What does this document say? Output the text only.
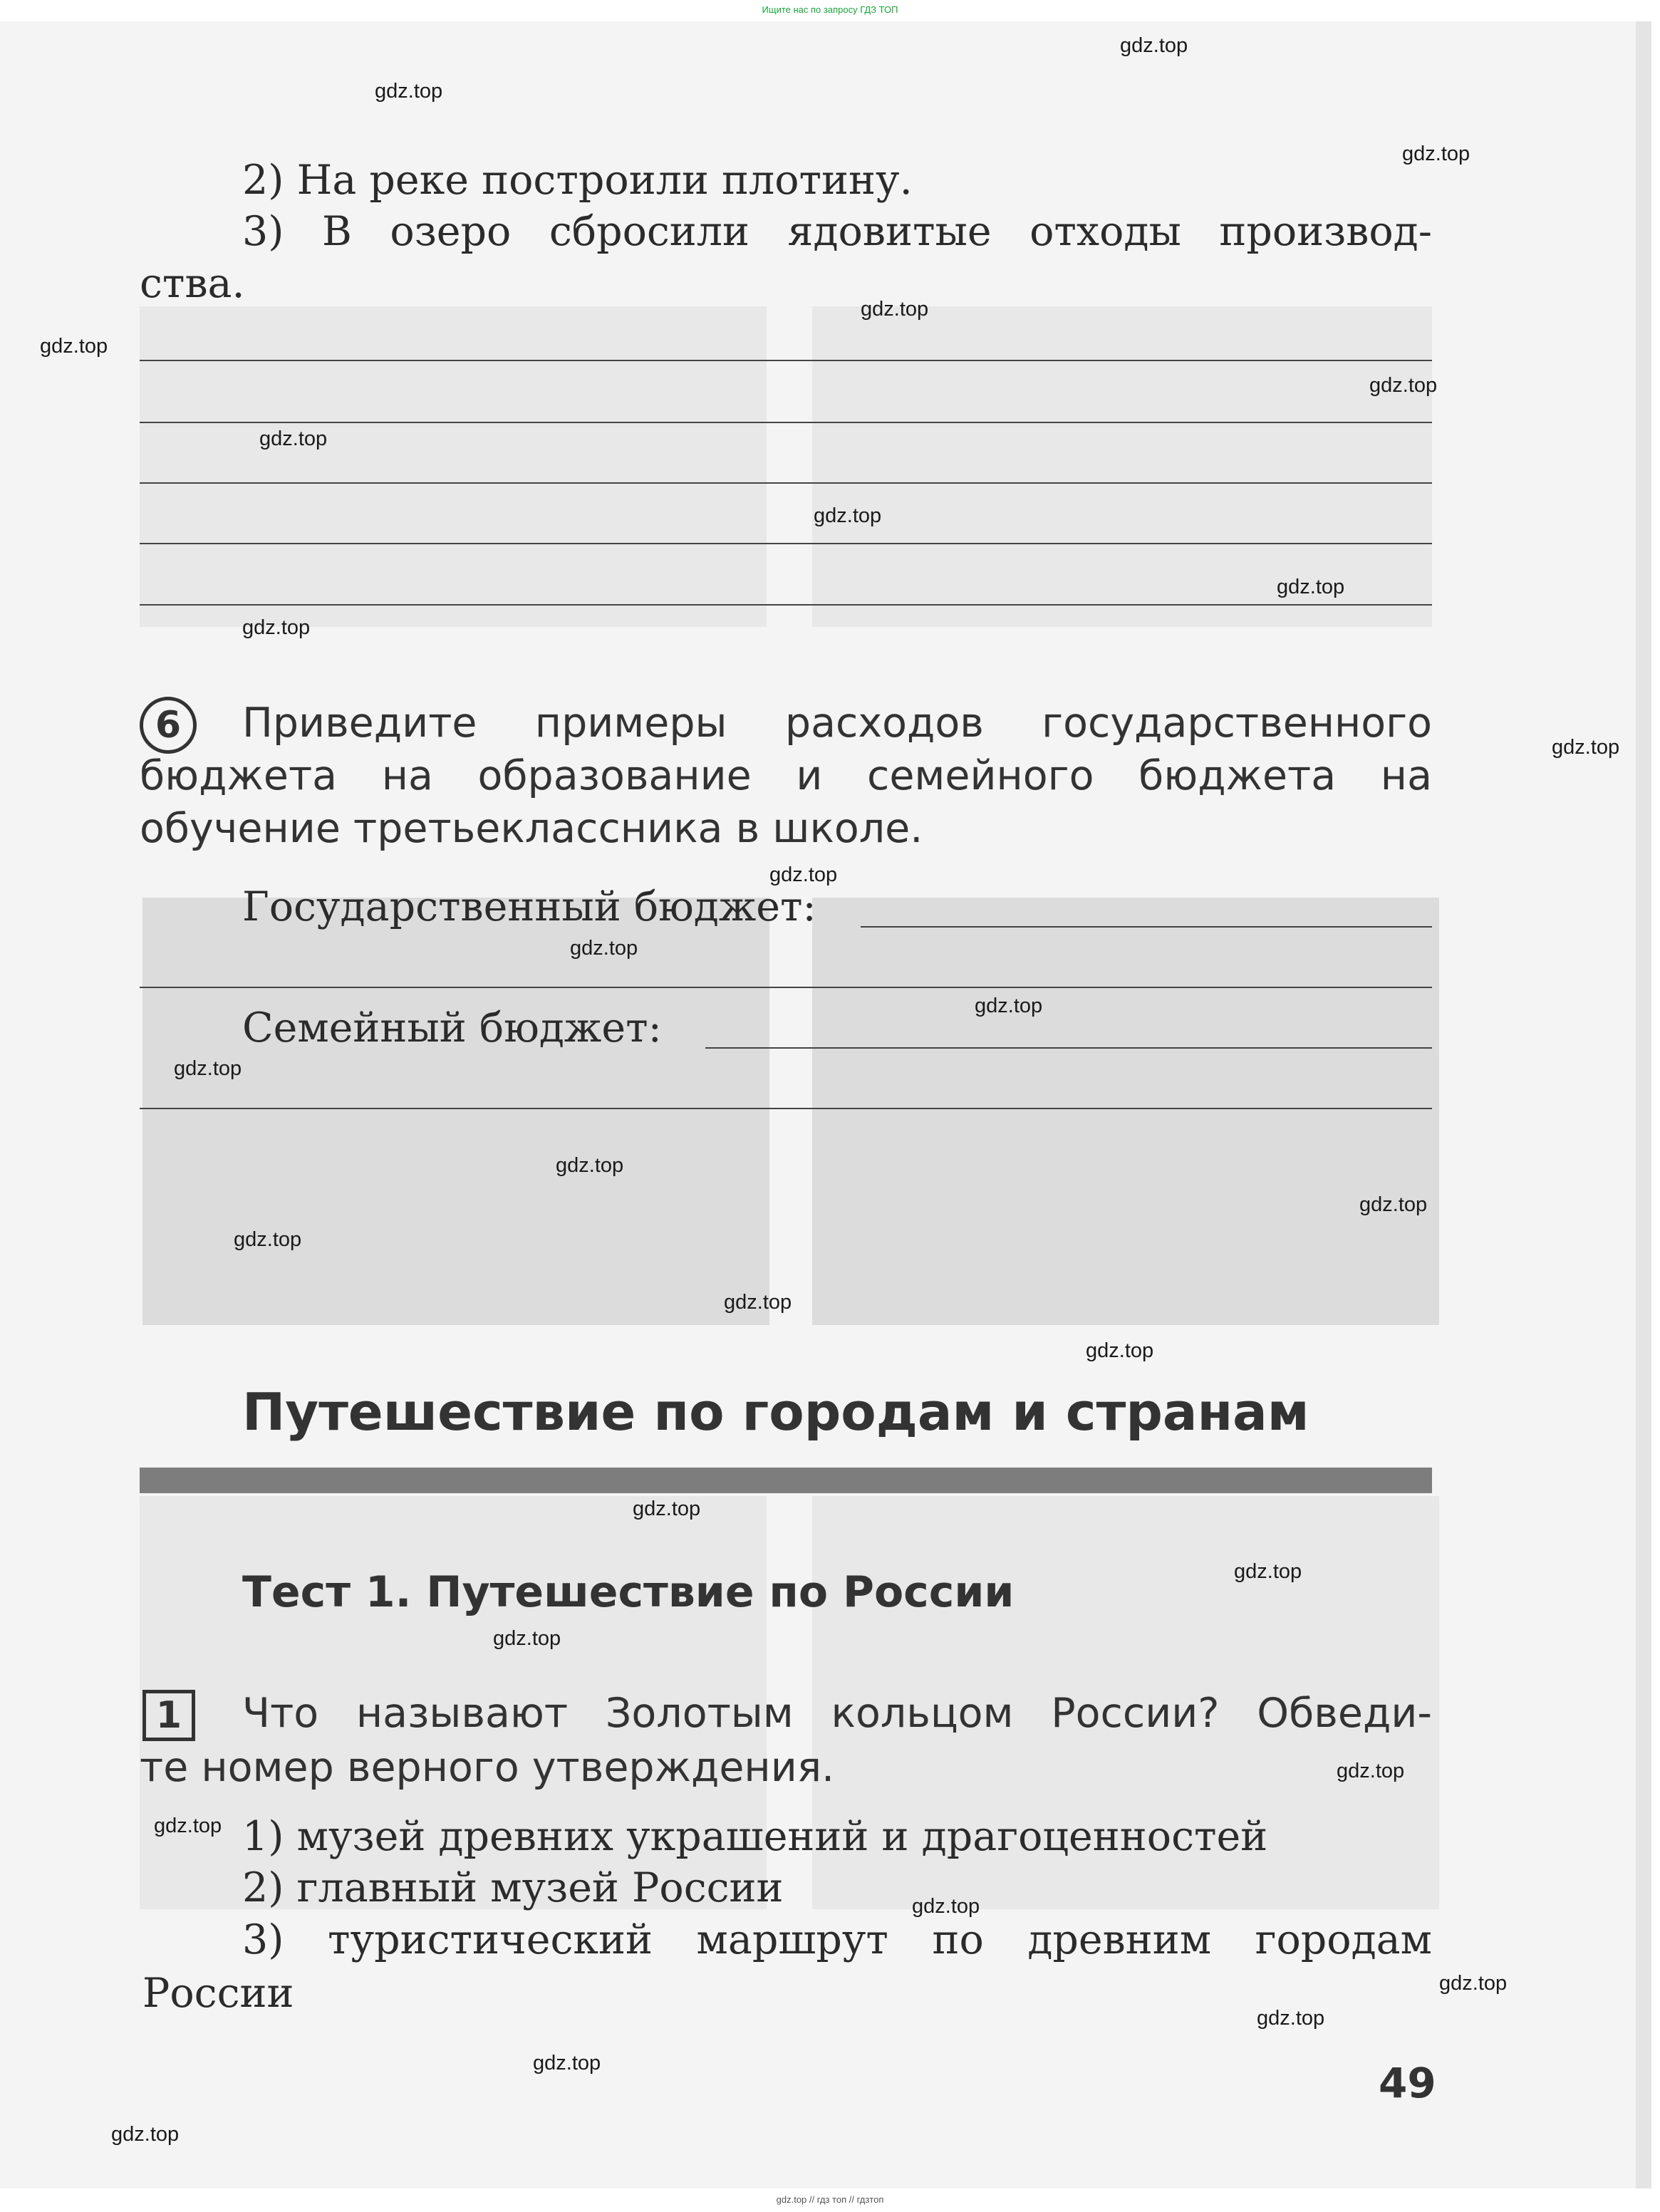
Ищите нас по запросу ГДЗ ТОП
2) На реке построили плотину.
3) В озеро сбросили ядовитые отходы производ-
ства.
6	Приведите примеры расходов государственного
бюджета на образование и семейного бюджета на
обучение третьеклассника в школе.
Государственный бюджет:
Семейный бюджет:
Путешествие по городам и странам
Тест 1. Путешествие по России
1	Что называют Золотым кольцом России? Обведи-
те номер верного утверждения.
1) музей древних украшений и драгоценностей
2) главный музей России
3) туристический маршрут по древним городам
России
49
gdz.top
gdz.top
gdz.top
gdz.top
gdz.top
gdz.top
gdz.top
gdz.top
gdz.top
gdz.top
gdz.top
gdz.top
gdz.top
gdz.top
gdz.top
gdz.top
gdz.top
gdz.top
gdz.top
gdz.top
gdz.top
gdz.top
gdz.top
gdz.top
gdz.top
gdz.top
gdz.top
gdz.top
gdz.top
gdz.top
gdz.top // гдз топ // гдзтоп
